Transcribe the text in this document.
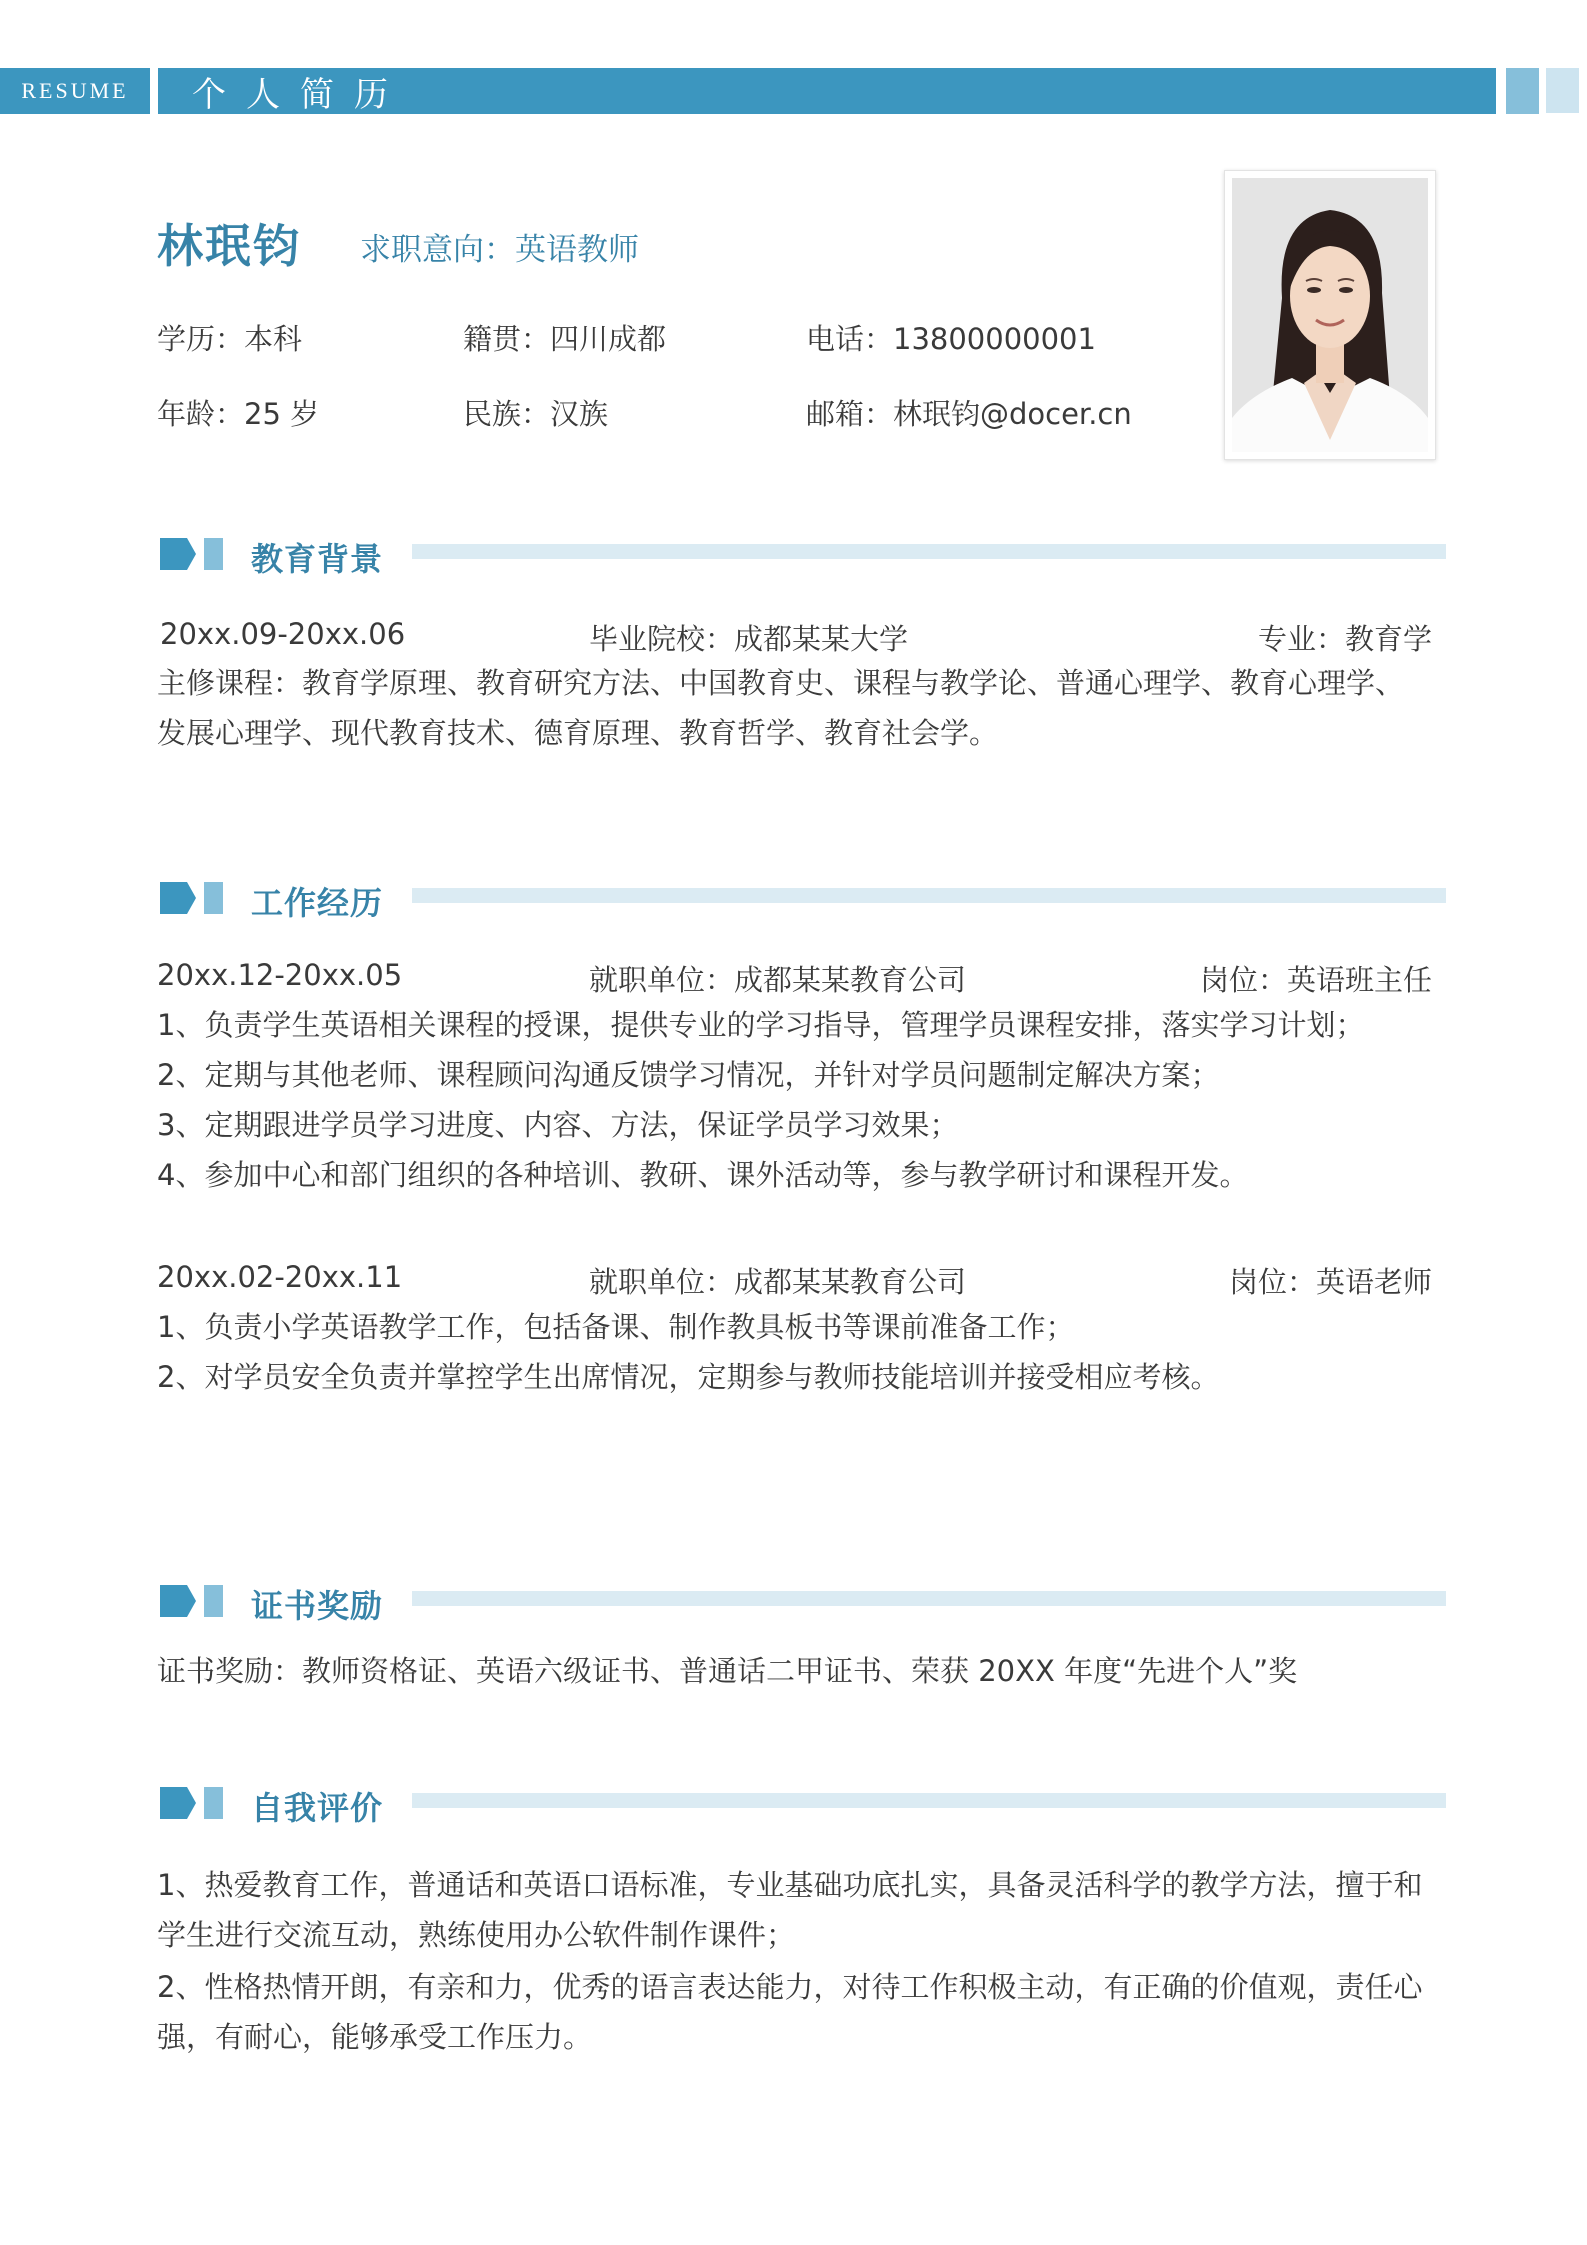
RESUME	个人简历
林珉钧 求职意向：英语教师
学历：本科	籍贯：四川成都	电话：13800000001
年龄：25 岁	民族：汉族	邮箱：林珉钧@docer.cn
教育背景
20xx.09-20xx.06	毕业院校：成都某某大学	专业：教育学
主修课程：教育学原理、教育研究方法、中国教育史、课程与教学论、普通心理学、教育心理学、
发展心理学、现代教育技术、德育原理、教育哲学、教育社会学。
工作经历
20xx.12-20xx.05	就职单位：成都某某教育公司	岗位：英语班主任
1、负责学生英语相关课程的授课，提供专业的学习指导，管理学员课程安排，落实学习计划；
2、定期与其他老师、课程顾问沟通反馈学习情况，并针对学员问题制定解决方案；
3、定期跟进学员学习进度、内容、方法，保证学员学习效果；
4、参加中心和部门组织的各种培训、教研、课外活动等，参与教学研讨和课程开发。
20xx.02-20xx.11	就职单位：成都某某教育公司	岗位：英语老师
1、负责小学英语教学工作，包括备课、制作教具板书等课前准备工作；
2、对学员安全负责并掌控学生出席情况，定期参与教师技能培训并接受相应考核。
证书奖励
证书奖励：教师资格证、英语六级证书、普通话二甲证书、荣获 20XX 年度“先进个人”奖
自我评价
1、热爱教育工作，普通话和英语口语标准，专业基础功底扎实，具备灵活科学的教学方法，擅于和
学生进行交流互动，熟练使用办公软件制作课件；
2、性格热情开朗，有亲和力，优秀的语言表达能力，对待工作积极主动，有正确的价值观，责任心
强，有耐心，能够承受工作压力。
